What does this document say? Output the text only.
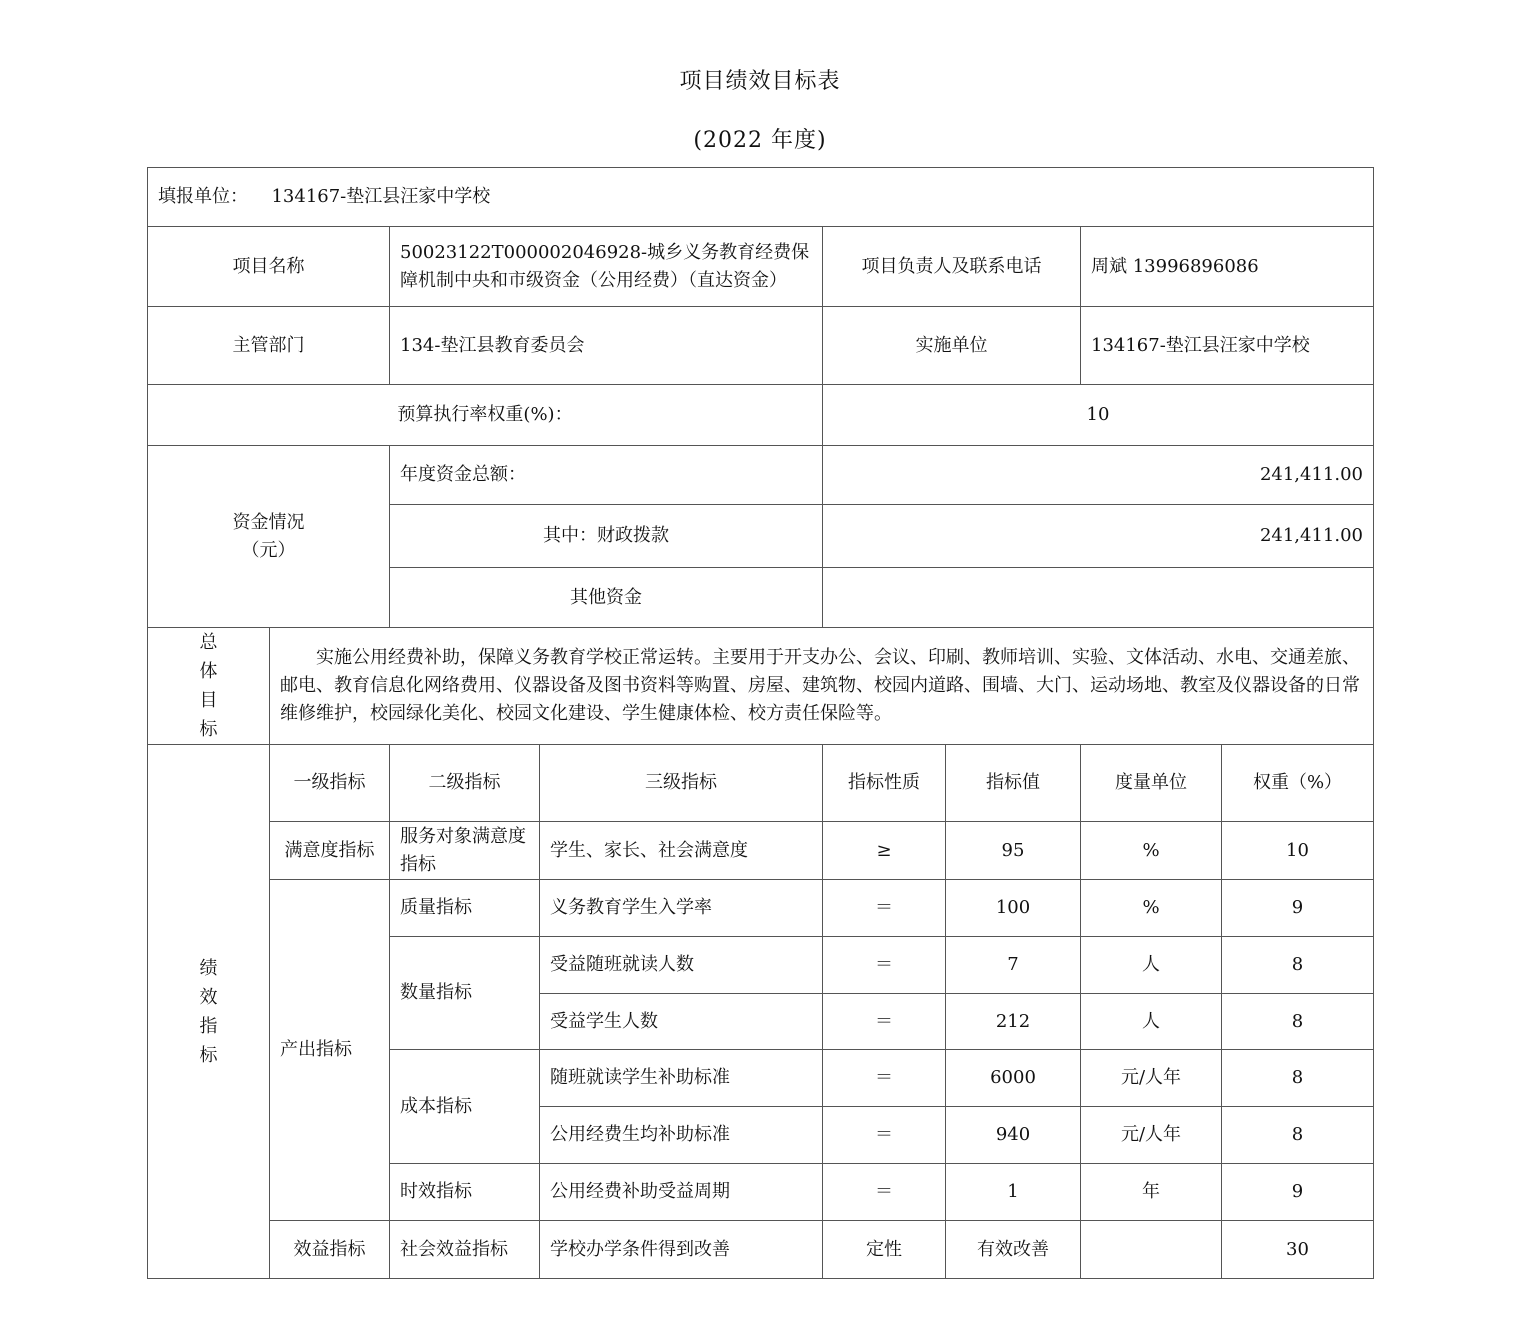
项目绩效目标表
(2022 年度)
填报单位： 134167-垫江县汪家中学校							
项目名称		50023122T000002046928-城乡义务教育经费保障机制中央和市级资金（公用经费）（直达资金）		项目负责人及联系电话		周斌 13996896086	
主管部门		134-垫江县教育委员会		实施单位		134167-垫江县汪家中学校	
预算执行率权重(%)：				10			

资金情况
（元）		年度资金总额：		241,411.00			
		其中：财政拨款		241,411.00			
		其他资金					

总
体
目
标	实施公用经费补助，保障义务教育学校正常运转。主要用于开支办公、会议、印刷、教师培训、实验、文体活动、水电、交通差旅、邮电、教育信息化网络费用、仪器设备及图书资料等购置、房屋、建筑物、校园内道路、围墙、大门、运动场地、教室及仪器设备的日常维修维护，校园绿化美化、校园文化建设、学生健康体检、校方责任保险等。						

绩
效
指
标	一级指标	二级指标	三级指标	指标性质	指标值	度量单位	权重（%）
	满意度指标	服务对象满意度指标	学生、家长、社会满意度	≥	95	%	10
	产出指标	质量指标	义务教育学生入学率	＝	100	%	9
		数量指标	受益随班就读人数	＝	7	人	8
			受益学生人数	＝	212	人	8
		成本指标	随班就读学生补助标准	＝	6000	元/人年	8
			公用经费生均补助标准	＝	940	元/人年	8
		时效指标	公用经费补助受益周期	＝	1	年	9
	效益指标	社会效益指标	学校办学条件得到改善	定性	有效改善		30
